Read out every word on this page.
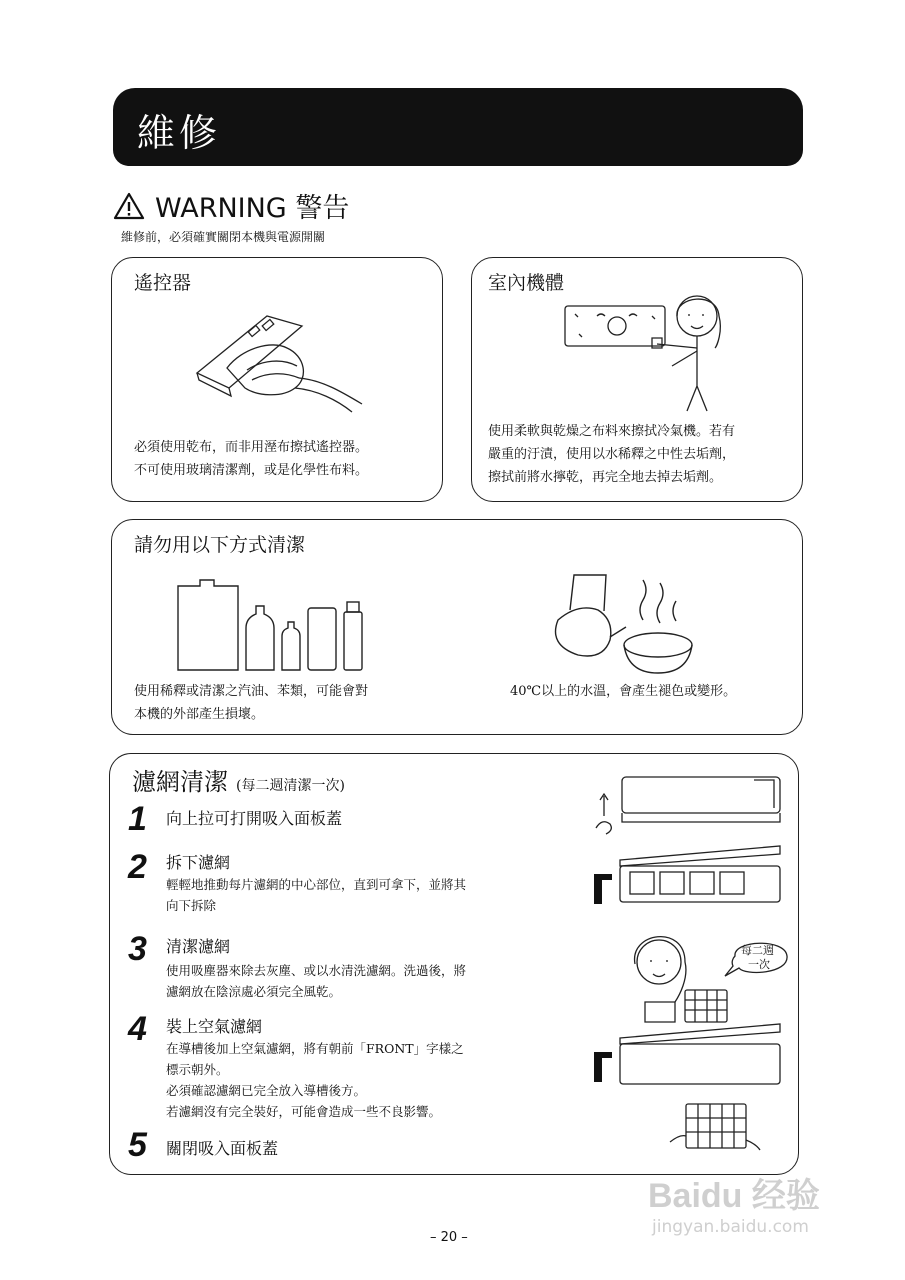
維修
WARNING 警告
維修前，必須確實關閉本機與電源開關
遙控器
必須使用乾布，而非用溼布擦拭遙控器。
不可使用玻璃清潔劑，或是化學性布料。
室內機體
使用柔軟與乾燥之布料來擦拭冷氣機。若有
嚴重的汙漬，使用以水稀釋之中性去垢劑，
擦拭前將水擰乾，再完全地去掉去垢劑。
請勿用以下方式清潔
使用稀釋或清潔之汽油、苯類，可能會對
本機的外部產生損壞。
40℃以上的水溫，會產生褪色或變形。
濾網清潔 (每二週清潔一次)
1 向上拉可打開吸入面板蓋
2 拆下濾網
輕輕地推動每片濾網的中心部位，直到可拿下，並將其
向下拆除
3 清潔濾網
使用吸塵器來除去灰塵、或以水清洗濾網。洗過後，將
濾網放在陰涼處必須完全風乾。
4 裝上空氣濾網
在導槽後加上空氣濾網，將有朝前「FRONT」字樣之
標示朝外。
必須確認濾網已完全放入導槽後方。
若濾網沒有完全裝好，可能會造成一些不良影響。
5 關閉吸入面板蓋
每二週
一次
– 20 –
Baidu 经验
jingyan.baidu.com
